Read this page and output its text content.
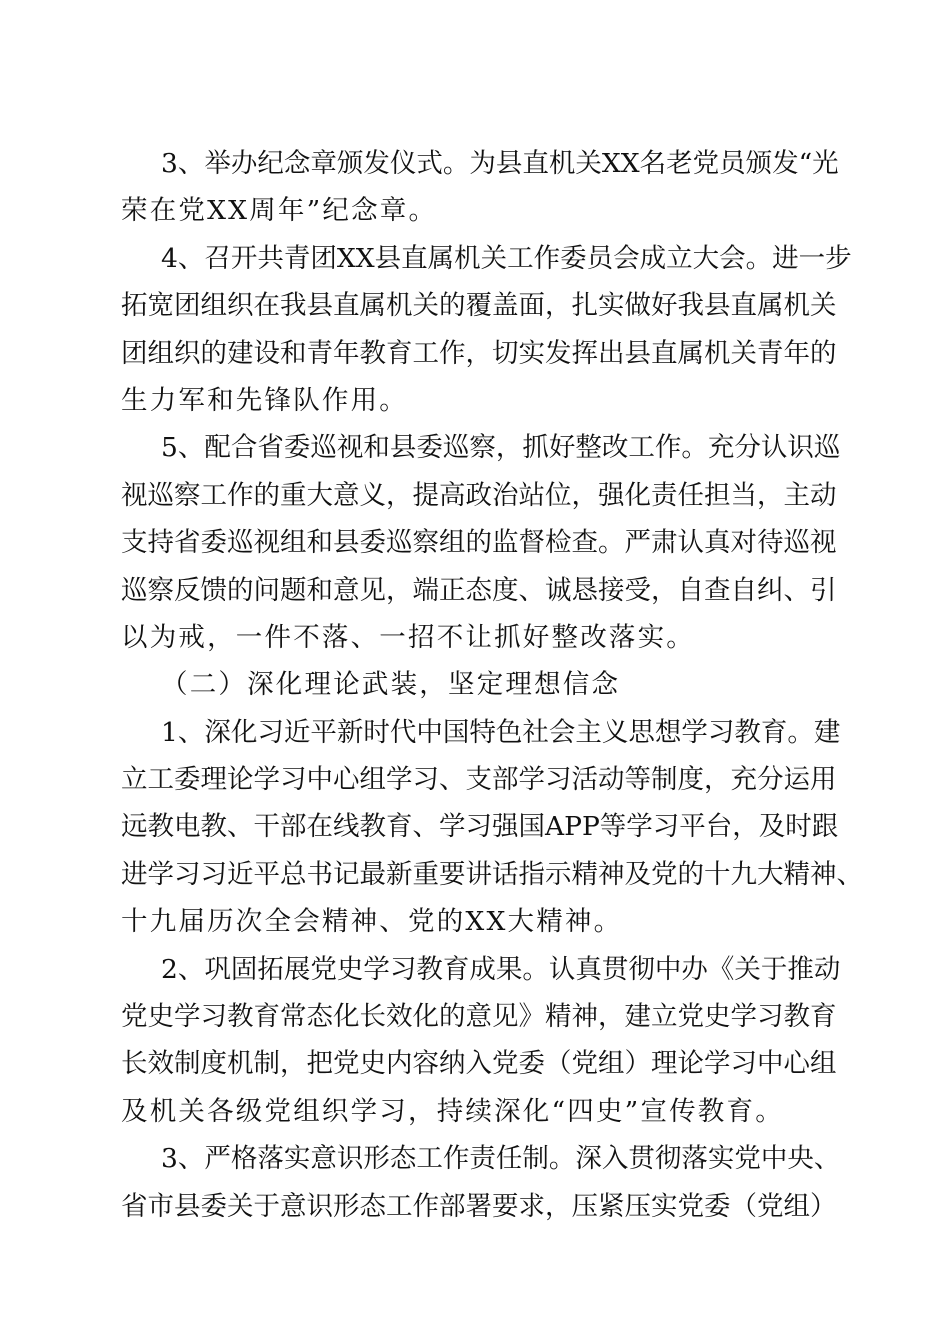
3、举办纪念章颁发仪式。为县直机关XX名老党员颁发“光
荣在党XX周年”纪念章。
4、召开共青团XX县直属机关工作委员会成立大会。进一步
拓宽团组织在我县直属机关的覆盖面，扎实做好我县直属机关
团组织的建设和青年教育工作，切实发挥出县直属机关青年的
生力军和先锋队作用。
5、配合省委巡视和县委巡察，抓好整改工作。充分认识巡
视巡察工作的重大意义，提高政治站位，强化责任担当，主动
支持省委巡视组和县委巡察组的监督检查。严肃认真对待巡视
巡察反馈的问题和意见，端正态度、诚恳接受，自查自纠、引
以为戒，一件不落、一招不让抓好整改落实。
（二）深化理论武装，坚定理想信念
1、深化习近平新时代中国特色社会主义思想学习教育。建
立工委理论学习中心组学习、支部学习活动等制度，充分运用
远教电教、干部在线教育、学习强国APP等学习平台，及时跟
进学习习近平总书记最新重要讲话指示精神及党的十九大精神、
十九届历次全会精神、党的XX大精神。
2、巩固拓展党史学习教育成果。认真贯彻中办《关于推动
党史学习教育常态化长效化的意见》精神，建立党史学习教育
长效制度机制，把党史内容纳入党委（党组）理论学习中心组
及机关各级党组织学习，持续深化“四史”宣传教育。
3、严格落实意识形态工作责任制。深入贯彻落实党中央、
省市县委关于意识形态工作部署要求，压紧压实党委（党组）
